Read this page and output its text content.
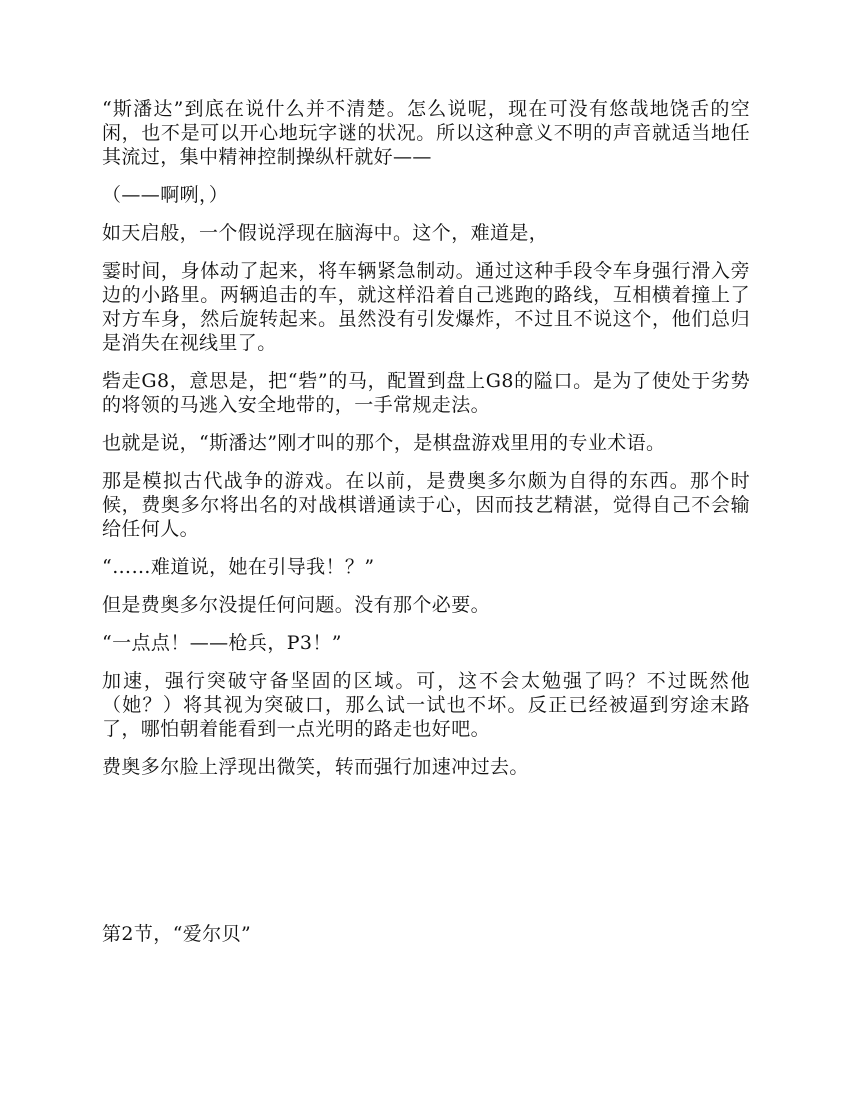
“斯潘达”到底在说什么并不清楚。怎么说呢，现在可没有悠哉地饶舌的空闲，也不是可以开心地玩字谜的状况。所以这种意义不明的声音就适当地任其流过，集中精神控制操纵杆就好——

（——啊咧，）

如天启般，一个假说浮现在脑海中。这个，难道是，

霎时间，身体动了起来，将车辆紧急制动。通过这种手段令车身强行滑入旁边的小路里。两辆追击的车，就这样沿着自己逃跑的路线，互相横着撞上了对方车身，然后旋转起来。虽然没有引发爆炸，不过且不说这个，他们总归是消失在视线里了。

砦走G8，意思是，把“砦”的马，配置到盘上G8的隘口。是为了使处于劣势的将领的马逃入安全地带的，一手常规走法。

也就是说，“斯潘达”刚才叫的那个，是棋盘游戏里用的专业术语。

那是模拟古代战争的游戏。在以前，是费奥多尔颇为自得的东西。那个时候，费奥多尔将出名的对战棋谱通读于心，因而技艺精湛，觉得自己不会输给任何人。

“……难道说，她在引导我！？”

但是费奥多尔没提任何问题。没有那个必要。

“一点点！——枪兵，P3！”

加速，强行突破守备坚固的区域。可，这不会太勉强了吗？不过既然他（她？）将其视为突破口，那么试一试也不坏。反正已经被逼到穷途末路了，哪怕朝着能看到一点光明的路走也好吧。

费奥多尔脸上浮现出微笑，转而强行加速冲过去。

第2节，“爱尔贝”
